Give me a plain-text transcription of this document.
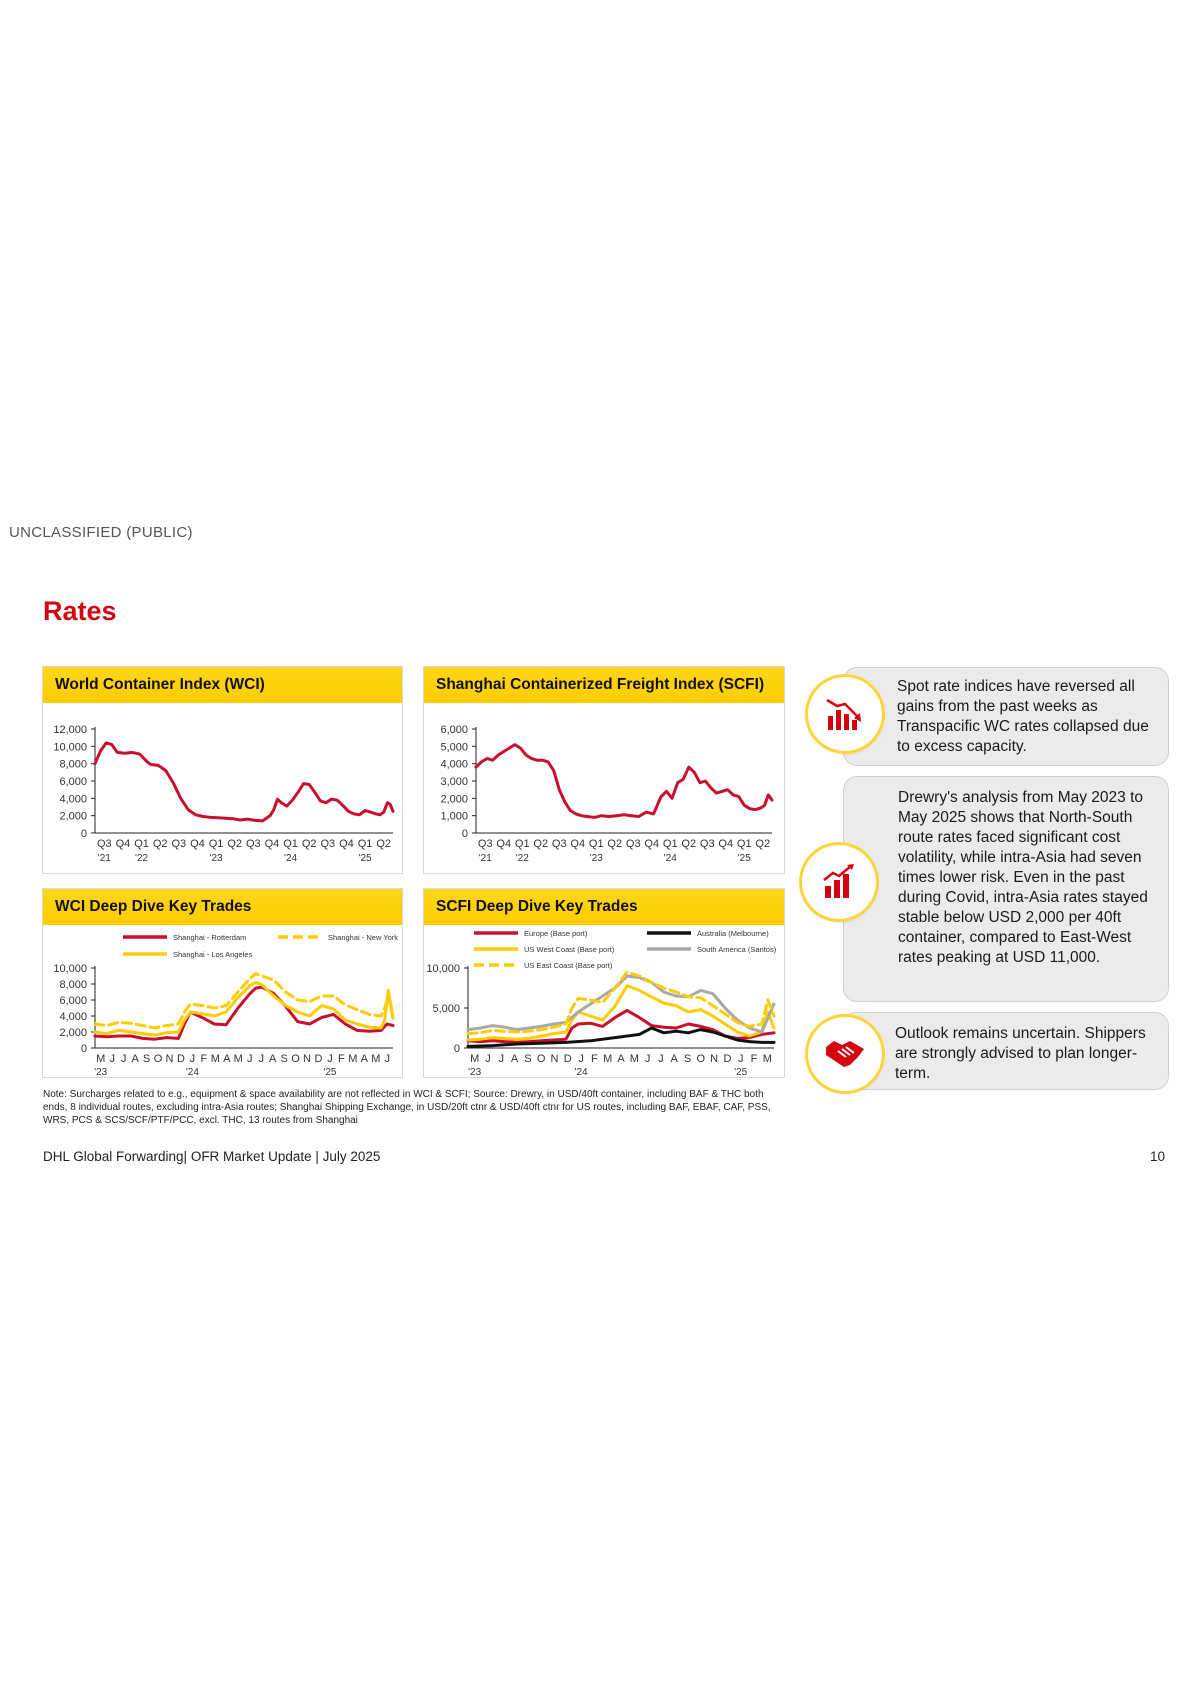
UNCLASSIFIED (PUBLIC)
Rates
World Container Index (WCI)
12,000
10,000
8,000
6,000
4,000
2,000
0
Q3 Q4 Q1 Q2 Q3 Q4 Q1 Q2 Q3 Q4 Q1 Q2 Q3 Q4 Q1 Q2
'21 '22	'23	'24	'25
Shanghai Containerized Freight Index (SCFI)
6,000
5,000
4,000
3,000
2,000
1,000
0
Q3 Q4 Q1 Q2 Q3 Q4 Q1 Q2 Q3 Q4 Q1 Q2 Q3 Q4 Q1 Q2
'21 '22	'23	'24	'25
WCI Deep Dive Key Trades
10,000
8,000
6,000
4,000
2,000
0
M J J A S O N D J F M A M J J A S O N D J F M A M J
'23	'24	'25
Shanghai - Rotterdam	Shanghai - New York
Shanghai - Los Angeles
SCFI Deep Dive Key Trades
10,000
5,000
0
M J J A S O N D J F M A M J J A S O N D J F M
'23	'24	'25
Europe (Base port)	Australia (Melbourne)
US West Coast (Base port)	South America (Santos)
US East Coast (Base port)
Spot rate indices have reversed all gains from the past weeks as Transpacific WC rates collapsed due to excess capacity.
Drewry's analysis from May 2023 to May 2025 shows that North-South route rates faced significant cost volatility, while intra-Asia had seven times lower risk. Even in the past during Covid, intra-Asia rates stayed stable below USD 2,000 per 40ft container, compared to East-West rates peaking at USD 11,000.
Outlook remains uncertain. Shippers are strongly advised to plan longer-term.
Note: Surcharges related to e.g., equipment & space availability are not reflected in WCI & SCFI; Source: Drewry, in USD/40ft container, including BAF & THC both ends, 8 individual routes, excluding intra-Asia routes; Shanghai Shipping Exchange, in USD/20ft ctnr & USD/40ft ctnr for US routes, including BAF, EBAF, CAF, PSS, WRS, PCS & SCS/SCF/PTF/PCC, excl. THC, 13 routes from Shanghai
DHL Global Forwarding| OFR Market Update | July 2025	10
